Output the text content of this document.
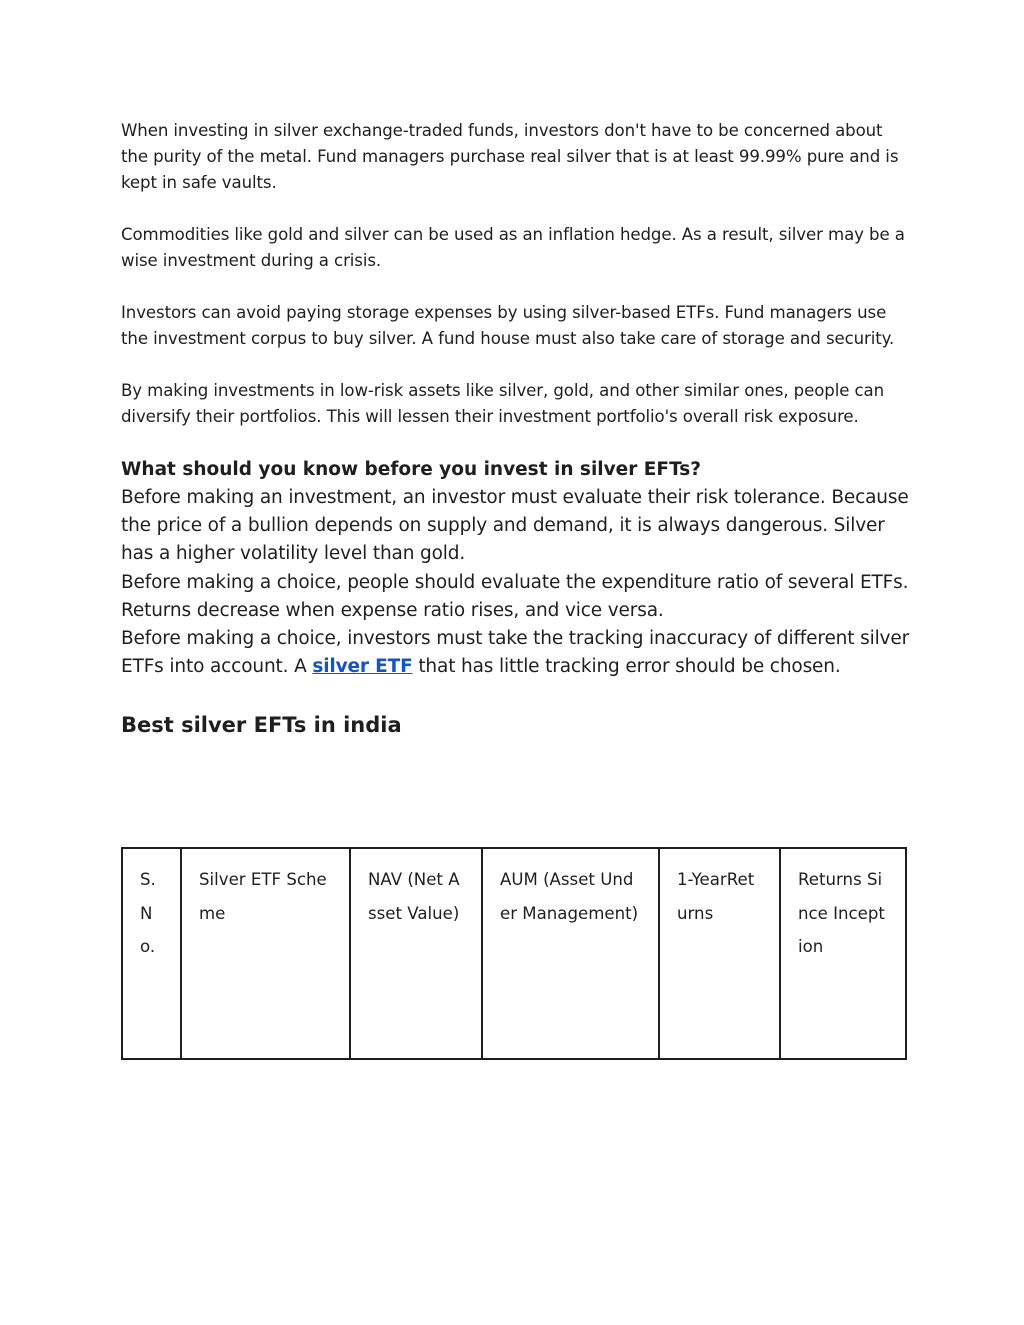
When investing in silver exchange-traded funds, investors don't have to be concerned about the purity of the metal. Fund managers purchase real silver that is at least 99.99% pure and is kept in safe vaults.

Commodities like gold and silver can be used as an inflation hedge. As a result, silver may be a wise investment during a crisis.

Investors can avoid paying storage expenses by using silver-based ETFs. Fund managers use the investment corpus to buy silver. A fund house must also take care of storage and security.

By making investments in low-risk assets like silver, gold, and other similar ones, people can diversify their portfolios. This will lessen their investment portfolio's overall risk exposure.

What should you know before you invest in silver EFTs?

Before making an investment, an investor must evaluate their risk tolerance. Because the price of a bullion depends on supply and demand, it is always dangerous. Silver has a higher volatility level than gold.

Before making a choice, people should evaluate the expenditure ratio of several ETFs. Returns decrease when expense ratio rises, and vice versa.

Before making a choice, investors must take the tracking inaccuracy of different silver ETFs into account. A silver ETF that has little tracking error should be chosen.

Best silver EFTs in india
S.No.	Silver ETF Scheme	NAV (Net Asset Value)	AUM (Asset Under Management)	1-YearReturns	Returns Since Inception
